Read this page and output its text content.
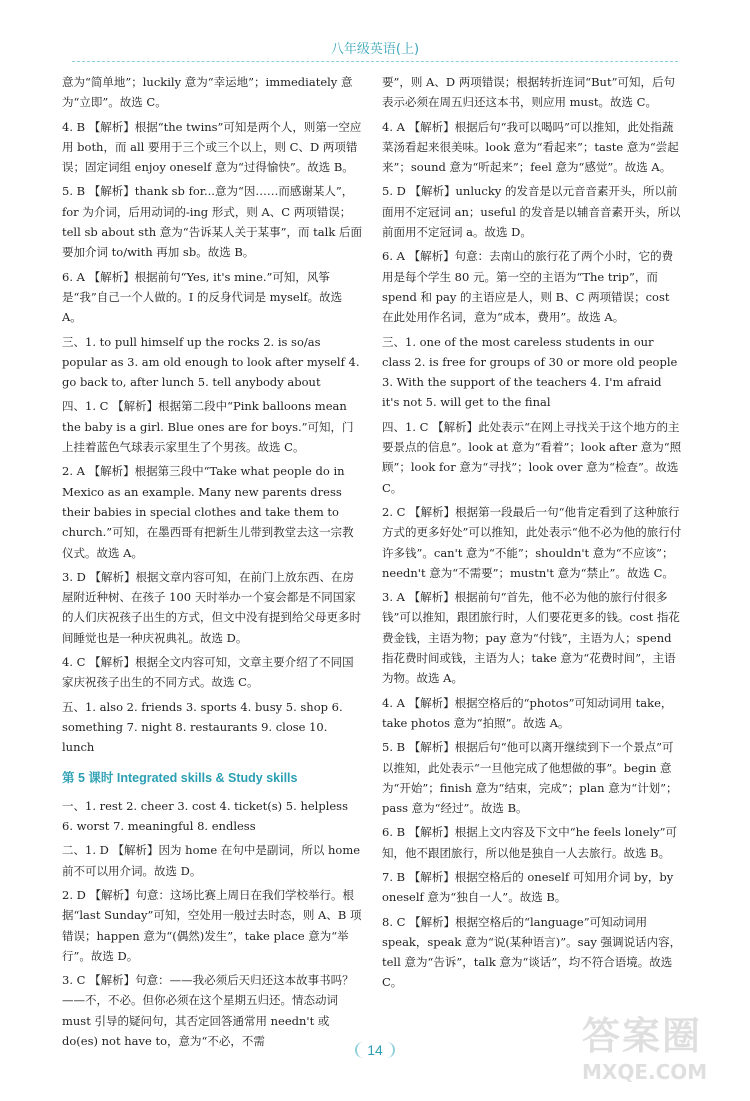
八年级英语(上)
意为“简单地”；luckily 意为“幸运地”；immediately 意为“立即”。故选 C。
4. B 【解析】根据“the twins”可知是两个人，则第一空应用 both，而 all 要用于三个或三个以上，则 C、D 两项错误；固定词组 enjoy oneself 意为“过得愉快”。故选 B。
5. B 【解析】thank sb for...意为“因……而感谢某人”，for 为介词，后用动词的-ing 形式，则 A、C 两项错误；tell sb about sth 意为“告诉某人关于某事”，而 talk 后面要加介词 to/with 再加 sb。故选 B。
6. A 【解析】根据前句“Yes, it's mine.”可知，风筝是“我”自己一个人做的。I 的反身代词是 myself。故选 A。
三、1. to pull himself up the rocks 2. is so/as popular as 3. am old enough to look after myself 4. go back to, after lunch 5. tell anybody about
四、1. C 【解析】根据第二段中“Pink balloons mean the baby is a girl. Blue ones are for boys.”可知，门上挂着蓝色气球表示家里生了个男孩。故选 C。
2. A 【解析】根据第三段中“Take what people do in Mexico as an example. Many new parents dress their babies in special clothes and take them to church.”可知，在墨西哥有把新生儿带到教堂去这一宗教仪式。故选 A。
3. D 【解析】根据文章内容可知，在前门上放东西、在房屋附近种树、在孩子 100 天时举办一个宴会都是不同国家的人们庆祝孩子出生的方式，但文中没有提到给父母更多时间睡觉也是一种庆祝典礼。故选 D。
4. C 【解析】根据全文内容可知，文章主要介绍了不同国家庆祝孩子出生的不同方式。故选 C。
五、1. also 2. friends 3. sports 4. busy 5. shop 6. something 7. night 8. restaurants 9. close 10. lunch
第 5 课时 Integrated skills & Study skills
一、1. rest 2. cheer 3. cost 4. ticket(s) 5. helpless 6. worst 7. meaningful 8. endless
二、1. D 【解析】因为 home 在句中是副词，所以 home 前不可以用介词。故选 D。
2. D 【解析】句意：这场比赛上周日在我们学校举行。根据“last Sunday”可知，空处用一般过去时态，则 A、B 项错误；happen 意为“(偶然)发生”，take place 意为“举行”。故选 D。
3. C 【解析】句意：——我必须后天归还这本故事书吗？——不，不必。但你必须在这个星期五归还。情态动词 must 引导的疑问句，其否定回答通常用 needn't 或 do(es) not have to，意为“不必，不需
要”，则 A、D 两项错误；根据转折连词“But”可知，后句表示必须在周五归还这本书，则应用 must。故选 C。
4. A 【解析】根据后句“我可以喝吗”可以推知，此处指蔬菜汤看起来很美味。look 意为“看起来”；taste 意为“尝起来”；sound 意为“听起来”；feel 意为“感觉”。故选 A。
5. D 【解析】unlucky 的发音是以元音音素开头，所以前面用不定冠词 an；useful 的发音是以辅音音素开头，所以前面用不定冠词 a。故选 D。
6. A 【解析】句意：去南山的旅行花了两个小时，它的费用是每个学生 80 元。第一空的主语为“The trip”，而 spend 和 pay 的主语应是人，则 B、C 两项错误；cost 在此处用作名词，意为“成本，费用”。故选 A。
三、1. one of the most careless students in our class 2. is free for groups of 30 or more old people 3. With the support of the teachers 4. I'm afraid it's not 5. will get to the final
四、1. C 【解析】此处表示“在网上寻找关于这个地方的主要景点的信息”。look at 意为“看着”；look after 意为“照顾”；look for 意为“寻找”；look over 意为“检查”。故选 C。
2. C 【解析】根据第一段最后一句“他肯定看到了这种旅行方式的更多好处”可以推知，此处表示“他不必为他的旅行付许多钱”。can't 意为“不能”；shouldn't 意为“不应该”；needn't 意为“不需要”；mustn't 意为“禁止”。故选 C。
3. A 【解析】根据前句“首先，他不必为他的旅行付很多钱”可以推知，跟团旅行时，人们要花更多的钱。cost 指花费金钱，主语为物；pay 意为“付钱”，主语为人；spend 指花费时间或钱，主语为人；take 意为“花费时间”，主语为物。故选 A。
4. A 【解析】根据空格后的“photos”可知动词用 take，take photos 意为“拍照”。故选 A。
5. B 【解析】根据后句“他可以离开继续到下一个景点”可以推知，此处表示“一旦他完成了他想做的事”。begin 意为“开始”；finish 意为“结束，完成”；plan 意为“计划”；pass 意为“经过”。故选 B。
6. B 【解析】根据上文内容及下文中“he feels lonely”可知，他不跟团旅行，所以他是独自一人去旅行。故选 B。
7. B 【解析】根据空格后的 oneself 可知用介词 by，by oneself 意为“独自一人”。故选 B。
8. C 【解析】根据空格后的“language”可知动词用 speak，speak 意为“说(某种语言)”。say 强调说话内容，tell 意为“告诉”，talk 意为“谈话”，均不符合语境。故选 C。
14	答案圈
MXQE.COM
